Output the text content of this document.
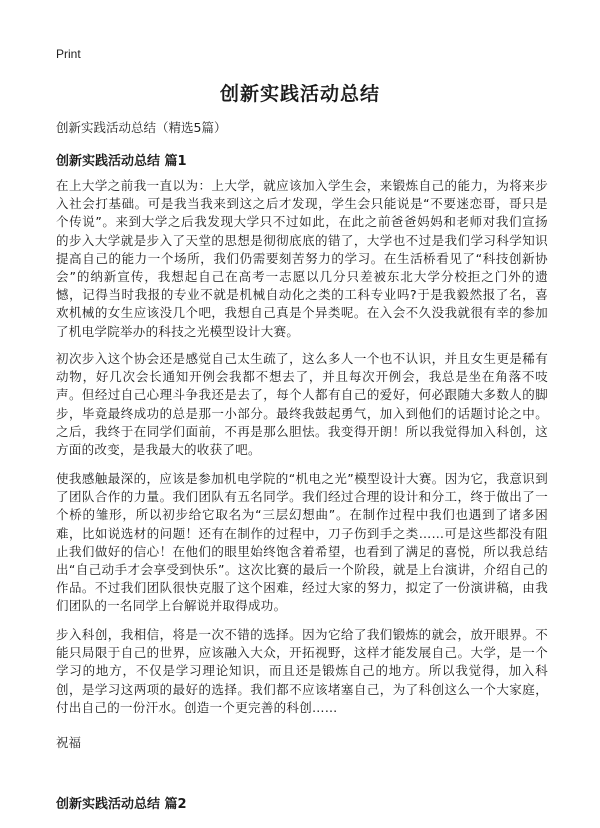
Print
创新实践活动总结
创新实践活动总结（精选5篇）
创新实践活动总结 篇1

在上大学之前我一直以为：上大学，就应该加入学生会，来锻炼自己的能力，为将来步入社会打基础。可是我当我来到这之后才发现，学生会只能说是“不要迷恋哥，哥只是个传说”。来到大学之后我发现大学只不过如此，在此之前爸爸妈妈和老师对我们宣扬的步入大学就是步入了天堂的思想是彻彻底底的错了，大学也不过是我们学习科学知识提高自己的能力一个场所，我们仍需要刻苦努力的学习。在生活桥看见了“科技创新协会”的纳新宣传，我想起自己在高考一志愿以几分只差被东北大学分校拒之门外的遗憾，记得当时我报的专业不就是机械自动化之类的工科专业吗?于是我毅然报了名，喜欢机械的女生应该没几个吧，我想自己真是个异类呢。在入会不久没我就很有幸的参加了机电学院举办的科技之光模型设计大赛。

初次步入这个协会还是感觉自己太生疏了，这么多人一个也不认识，并且女生更是稀有动物，好几次会长通知开例会我都不想去了，并且每次开例会，我总是坐在角落不吱声。但经过自己心理斗争我还是去了，每个人都有自己的爱好，何必跟随大多数人的脚步，毕竟最终成功的总是那一小部分。最终我鼓起勇气，加入到他们的话题讨论之中。之后，我终于在同学们面前，不再是那么胆怯。我变得开朗！所以我觉得加入科创，这方面的改变，是我最大的收获了吧。

使我感触最深的，应该是参加机电学院的“机电之光”模型设计大赛。因为它，我意识到了团队合作的力量。我们团队有五名同学。我们经过合理的设计和分工，终于做出了一个桥的雏形，所以初步给它取名为“三层幻想曲”。在制作过程中我们也遇到了诸多困难，比如说选材的问题！还有在制作的过程中，刀子伤到手之类……可是这些都没有阻止我们做好的信心！在他们的眼里始终饱含着希望，也看到了满足的喜悦，所以我总结出“自己动手才会享受到快乐”。这次比赛的最后一个阶段，就是上台演讲，介绍自己的作品。不过我们团队很快克服了这个困难，经过大家的努力，拟定了一份演讲稿，由我们团队的一名同学上台解说并取得成功。

步入科创，我相信，将是一次不错的选择。因为它给了我们锻炼的就会，放开眼界。不能只局限于自己的世界，应该融入大众，开拓视野，这样才能发展自己。大学，是一个学习的地方，不仅是学习理论知识，而且还是锻炼自己的地方。所以我觉得，加入科创，是学习这两项的最好的选择。我们都不应该堵塞自己，为了科创这么一个大家庭，付出自己的一份汗水。创造一个更完善的科创……

祝福

创新实践活动总结 篇2
